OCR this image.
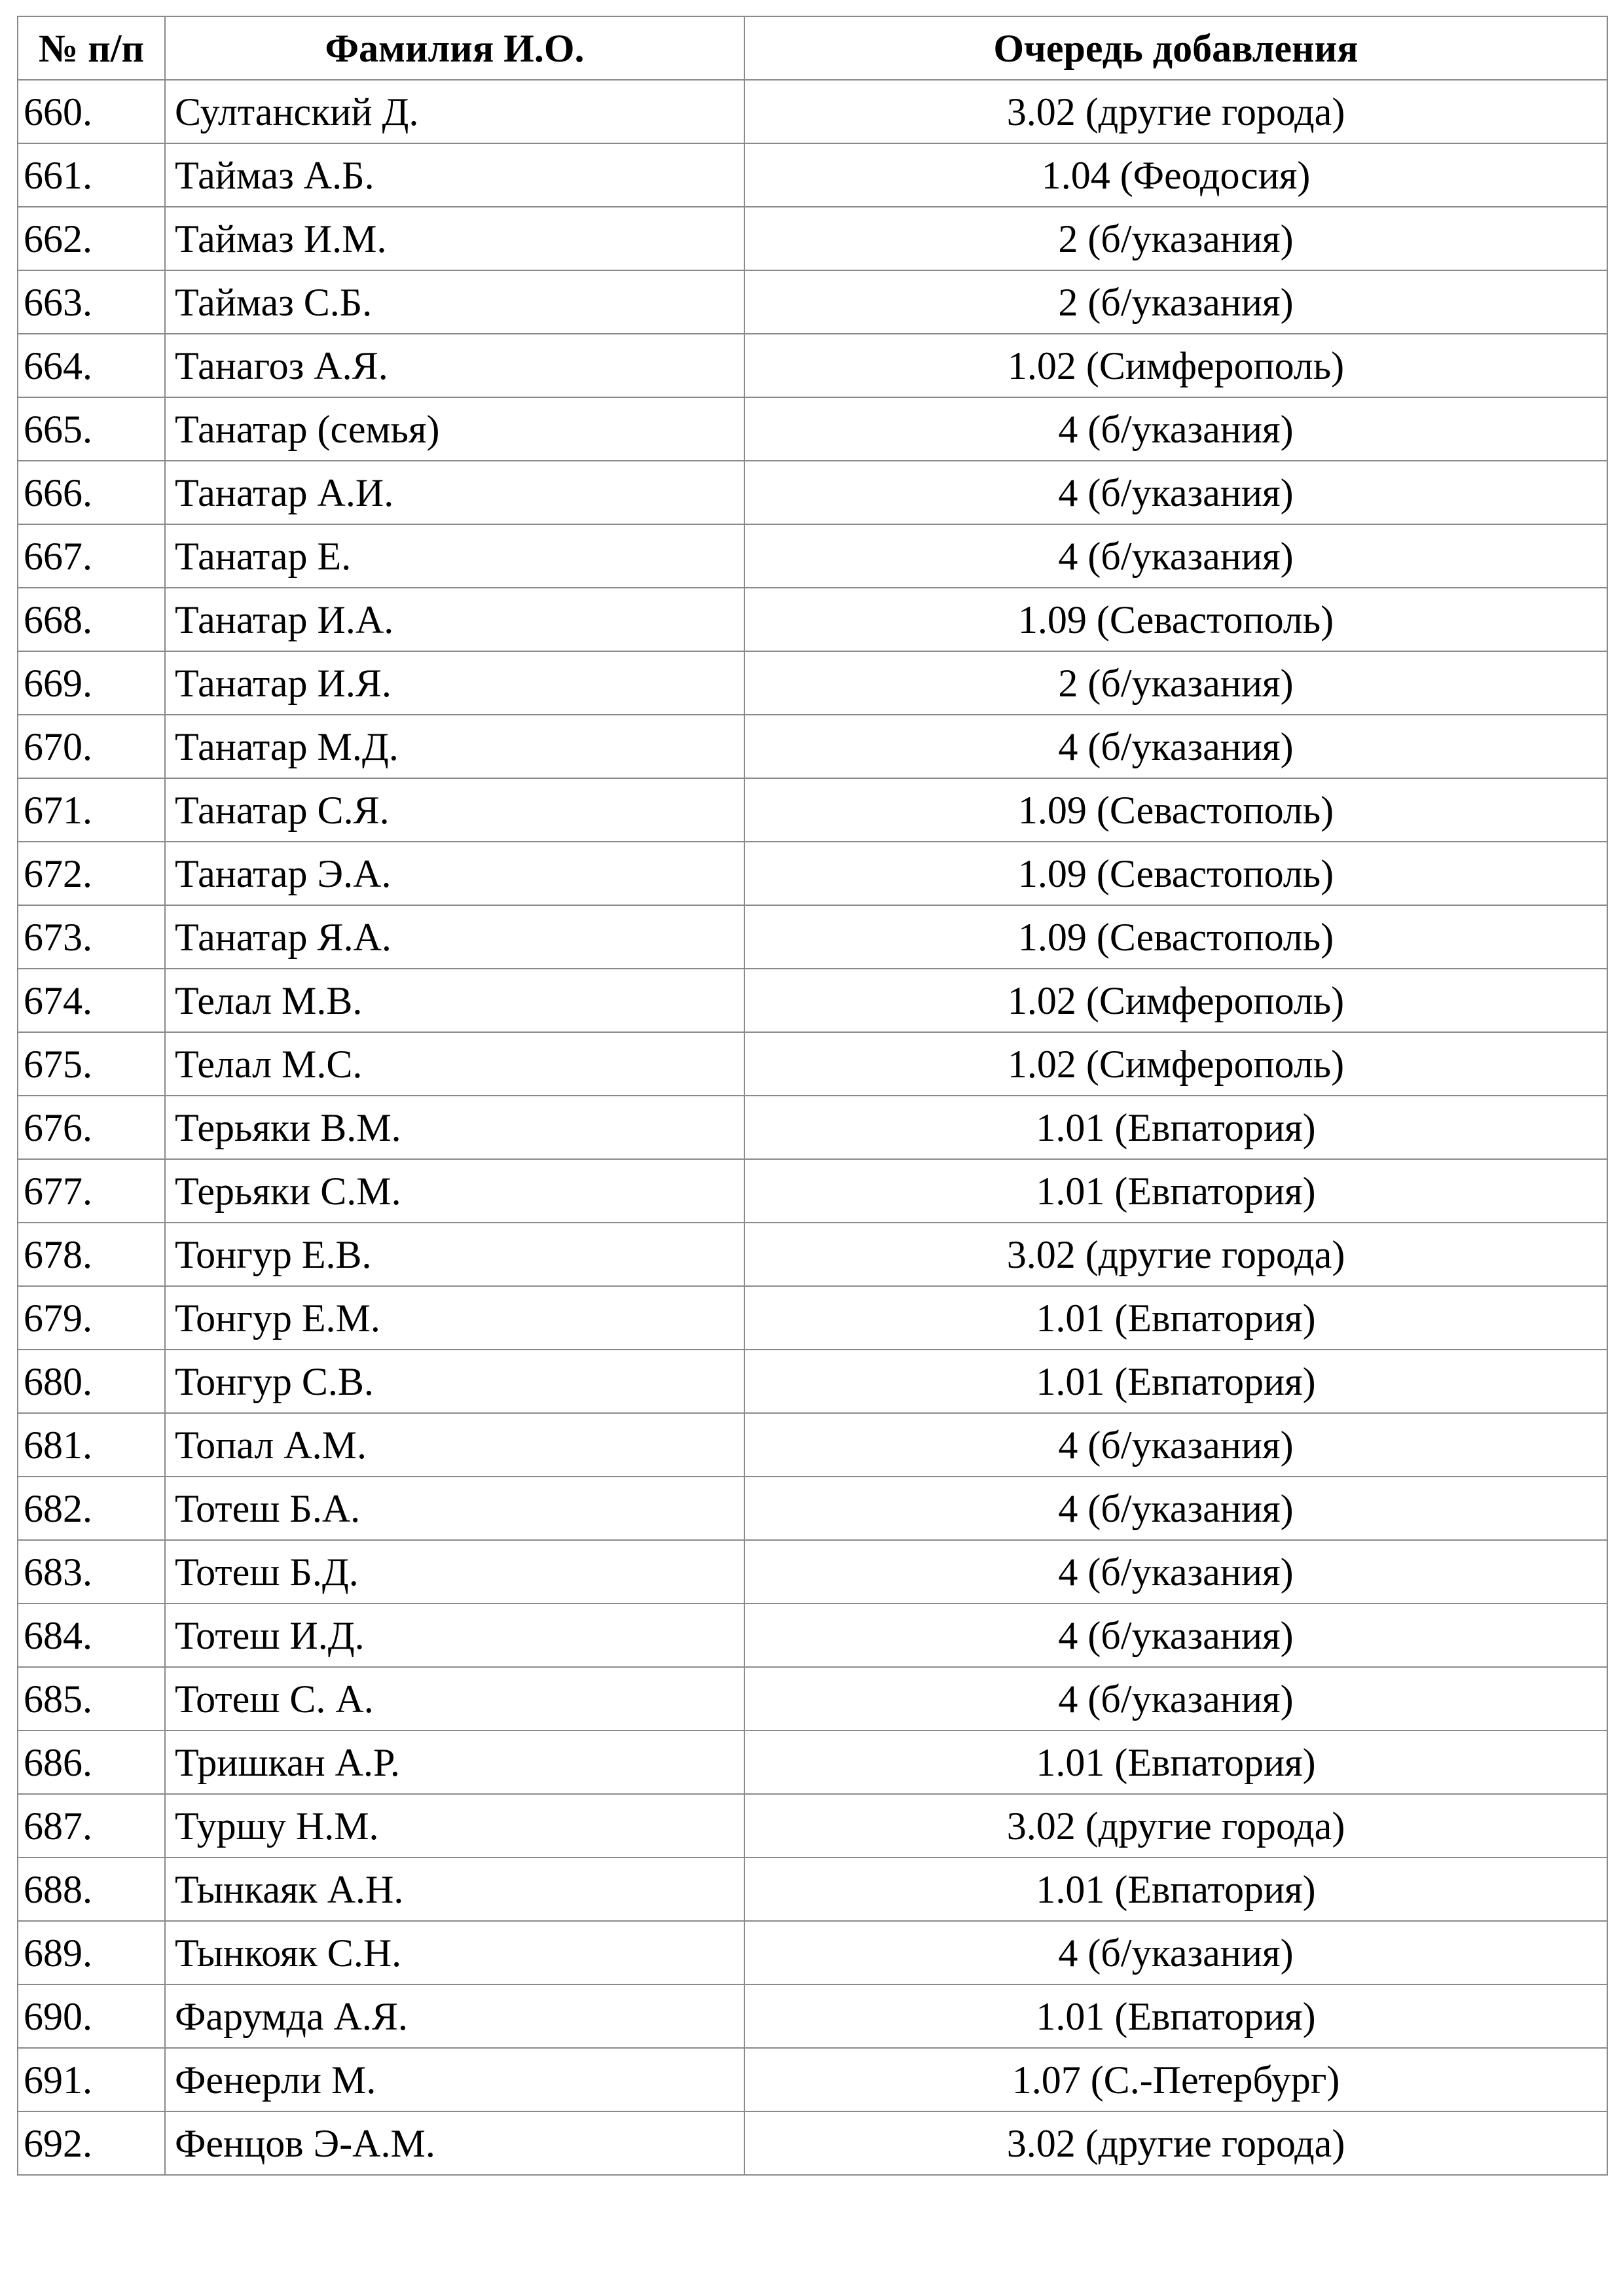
№ п/п	Фамилия И.О.	Очередь добавления
660.	Султанский Д.	3.02 (другие города)
661.	Таймаз А.Б.	1.04 (Феодосия)
662.	Таймаз И.М.	2 (б/указания)
663.	Таймаз С.Б.	2 (б/указания)
664.	Танагоз А.Я.	1.02 (Симферополь)
665.	Танатар (семья)	4 (б/указания)
666.	Танатар А.И.	4 (б/указания)
667.	Танатар Е.	4 (б/указания)
668.	Танатар И.А.	1.09 (Севастополь)
669.	Танатар И.Я.	2 (б/указания)
670.	Танатар М.Д.	4 (б/указания)
671.	Танатар С.Я.	1.09 (Севастополь)
672.	Танатар Э.А.	1.09 (Севастополь)
673.	Танатар Я.А.	1.09 (Севастополь)
674.	Телал М.В.	1.02 (Симферополь)
675.	Телал М.С.	1.02 (Симферополь)
676.	Терьяки В.М.	1.01 (Евпатория)
677.	Терьяки С.М.	1.01 (Евпатория)
678.	Тонгур Е.В.	3.02 (другие города)
679.	Тонгур Е.М.	1.01 (Евпатория)
680.	Тонгур С.В.	1.01 (Евпатория)
681.	Топал А.М.	4 (б/указания)
682.	Тотеш Б.А.	4 (б/указания)
683.	Тотеш Б.Д.	4 (б/указания)
684.	Тотеш И.Д.	4 (б/указания)
685.	Тотеш С. А.	4 (б/указания)
686.	Тришкан А.Р.	1.01 (Евпатория)
687.	Туршу Н.М.	3.02 (другие города)
688.	Тынкаяк А.Н.	1.01 (Евпатория)
689.	Тынкояк С.Н.	4 (б/указания)
690.	Фарумда А.Я.	1.01 (Евпатория)
691.	Фенерли М.	1.07 (С.-Петербург)
692.	Фенцов Э-А.М.	3.02 (другие города)
